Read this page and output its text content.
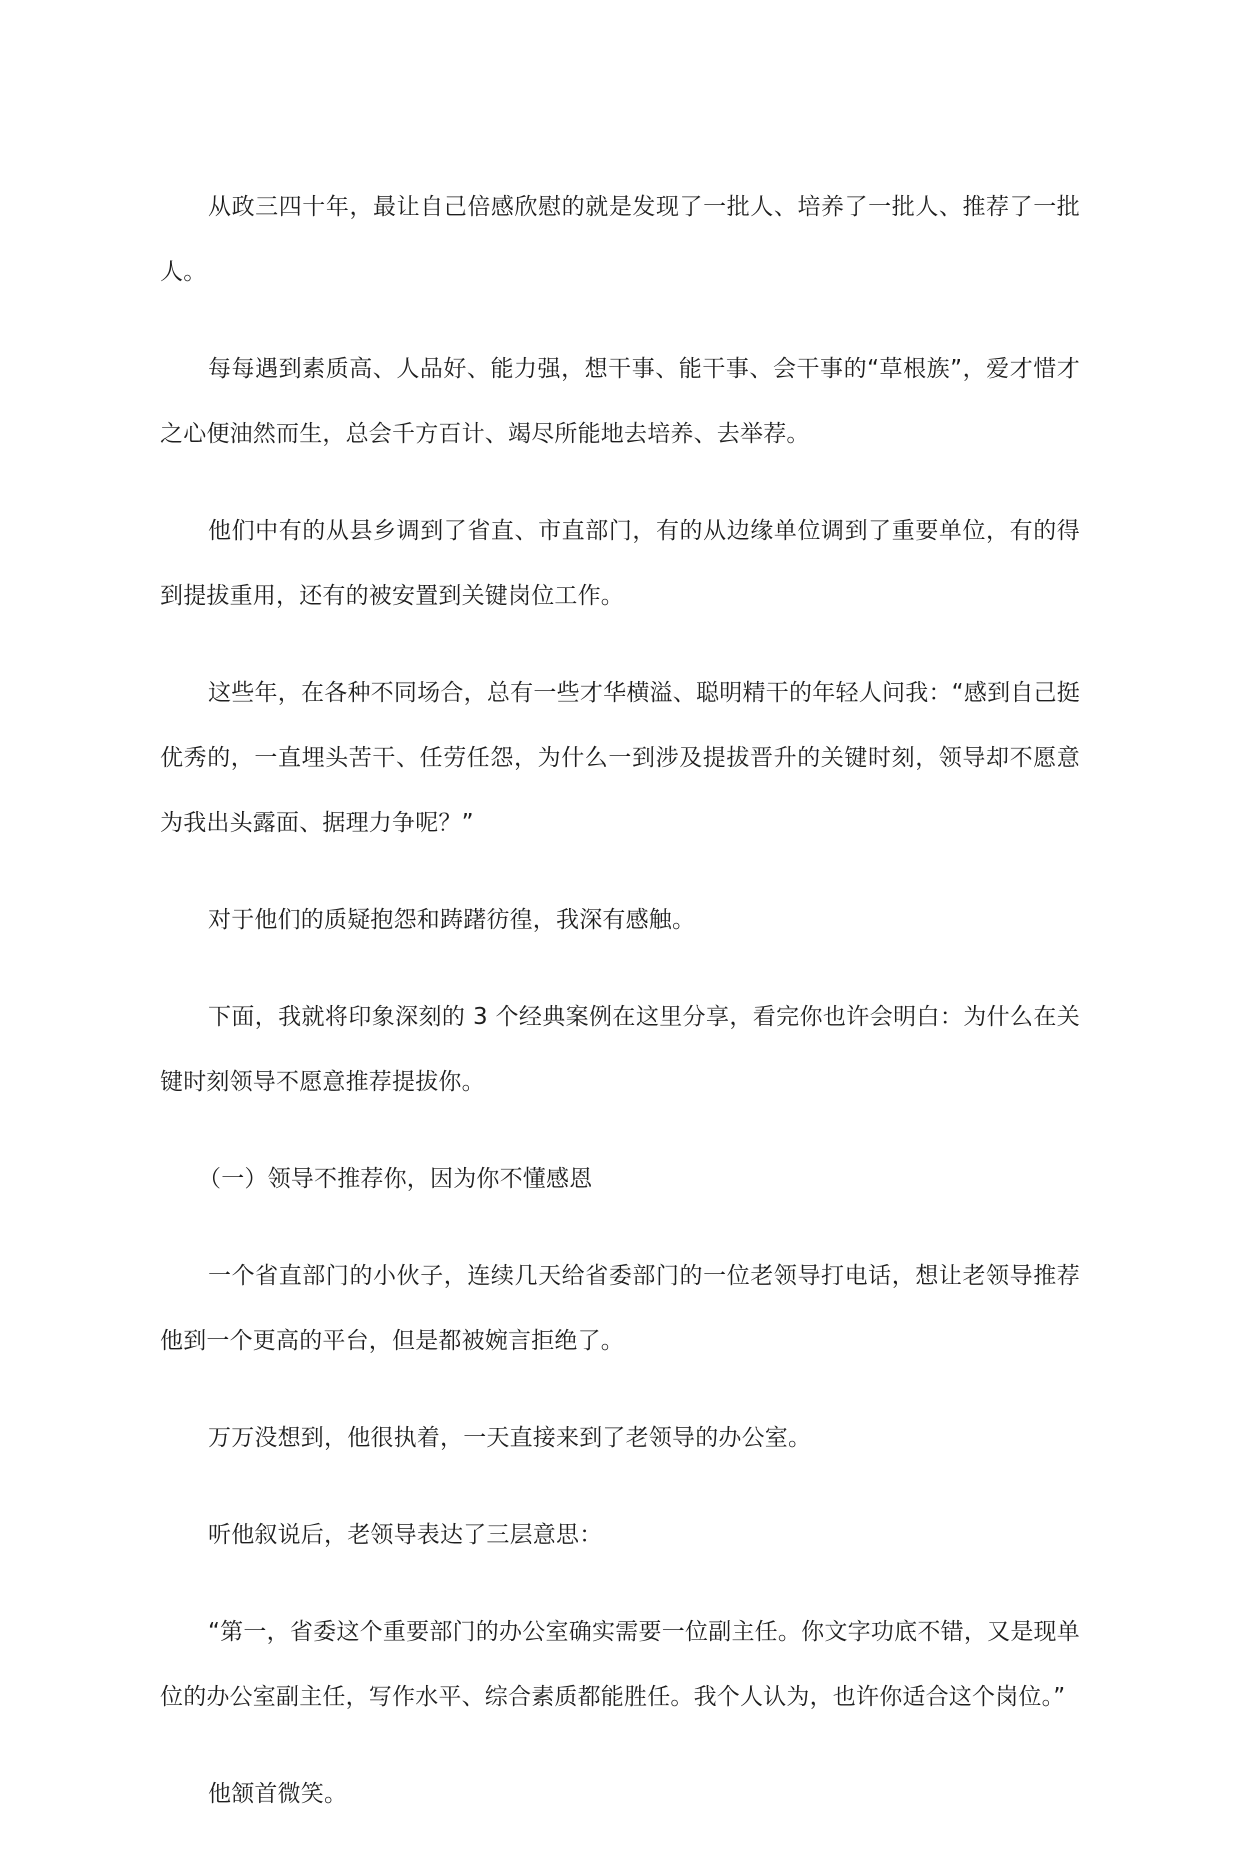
从政三四十年，最让自己倍感欣慰的就是发现了一批人、培养了一批人、推荐了一批人。

每每遇到素质高、人品好、能力强，想干事、能干事、会干事的“草根族”，爱才惜才之心便油然而生，总会千方百计、竭尽所能地去培养、去举荐。

他们中有的从县乡调到了省直、市直部门，有的从边缘单位调到了重要单位，有的得到提拔重用，还有的被安置到关键岗位工作。

这些年，在各种不同场合，总有一些才华横溢、聪明精干的年轻人问我：“感到自己挺优秀的，一直埋头苦干、任劳任怨，为什么一到涉及提拔晋升的关键时刻，领导却不愿意为我出头露面、据理力争呢？”

对于他们的质疑抱怨和踌躇彷徨，我深有感触。

下面，我就将印象深刻的 3 个经典案例在这里分享，看完你也许会明白：为什么在关键时刻领导不愿意推荐提拔你。

（一）领导不推荐你，因为你不懂感恩

一个省直部门的小伙子，连续几天给省委部门的一位老领导打电话，想让老领导推荐他到一个更高的平台，但是都被婉言拒绝了。

万万没想到，他很执着，一天直接来到了老领导的办公室。

听他叙说后，老领导表达了三层意思：

“第一，省委这个重要部门的办公室确实需要一位副主任。你文字功底不错，又是现单位的办公室副主任，写作水平、综合素质都能胜任。我个人认为，也许你适合这个岗位。”

他颔首微笑。
